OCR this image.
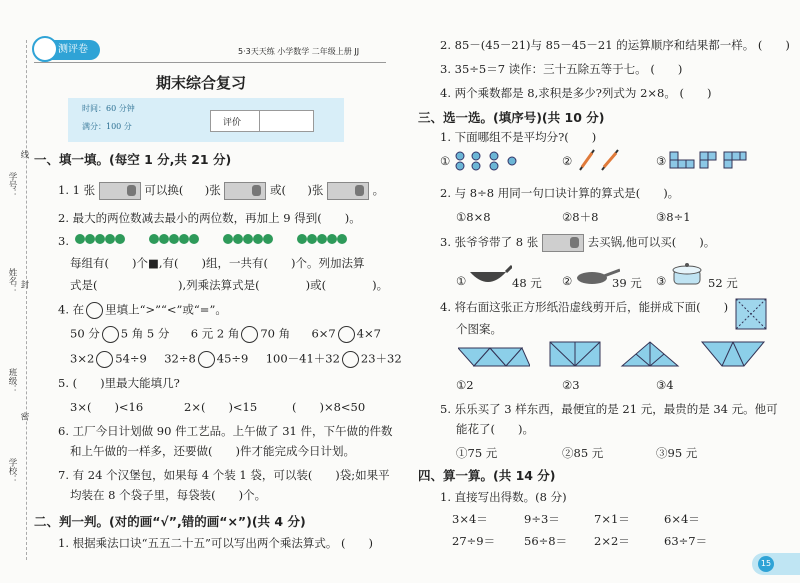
学号：
线
姓名： 封
班级：
密
学校：
测评卷	5·3天天练 小学数学 二年级上册 JJ
期末综合复习
时间：60 分钟
满分：100 分	评价
一、填一填。(每空 1 分,共 21 分)
1. 1 张	可以换( )张	或( )张	。
2. 最大的两位数减去最小的两位数，再加上 9 得到(　　)。
3.
每组有(　　)个■,有(　　)组，一共有(　　)个。列加法算
式是(　　　　　　　),列乘法算式是(　　　　)或(　　　　)。
4. 在 里填上“>”“<”或“=”。
50 分 5 角 5 分 6 元 2 角 70 角 6×7 4×7
3×2 54÷9 32÷8 45÷9 100－41＋32 23＋32
5. (　　)里最大能填几?
3×(　　)<16	2×(　　)<15	(　　)×8<50
6. 工厂今日计划做 90 件工艺品。上午做了 31 件，下午做的件数
和上午做的一样多，还要做(　　)件才能完成今日计划。
7. 有 24 个汉堡包，如果每 4 个装 1 袋，可以装(　　)袋;如果平
均装在 8 个袋子里，每袋装(　　)个。
二、判一判。(对的画“√”,错的画“×”)(共 4 分)
1. 根据乘法口诀“五五二十五”可以写出两个乘法算式。 (　　)
2. 85－(45－21)与 85－45－21 的运算顺序和结果都一样。 (　　)
3. 35÷5＝7 读作：三十五除五等于七。 (　　)
4. 两个乘数都是 8,求积是多少?列式为 2×8。 (　　)
三、选一选。(填序号)(共 10 分)
1. 下面哪组不是平均分?(　　)
①	②	③
2. 与 8÷8 用同一句口诀计算的算式是(　　)。
①8×8	②8＋8	③8÷1
3. 张爷爷带了 8 张	去买锅,他可以买(　　)。
①	48 元 ②	39 元 ③	52 元
4. 将右面这张正方形纸沿虚线剪开后，能拼成下面(　　)
个图案。
①2	②3	③4
5. 乐乐买了 3 样东西，最便宜的是 21 元，最贵的是 34 元。他可
能花了(　　)。
①75 元	②85 元	③95 元
四、算一算。(共 14 分)
1. 直接写出得数。(8 分)
3×4＝	9÷3＝	7×1＝	6×4＝
27÷9＝	56÷8＝ 2×2＝	63÷7＝
15
